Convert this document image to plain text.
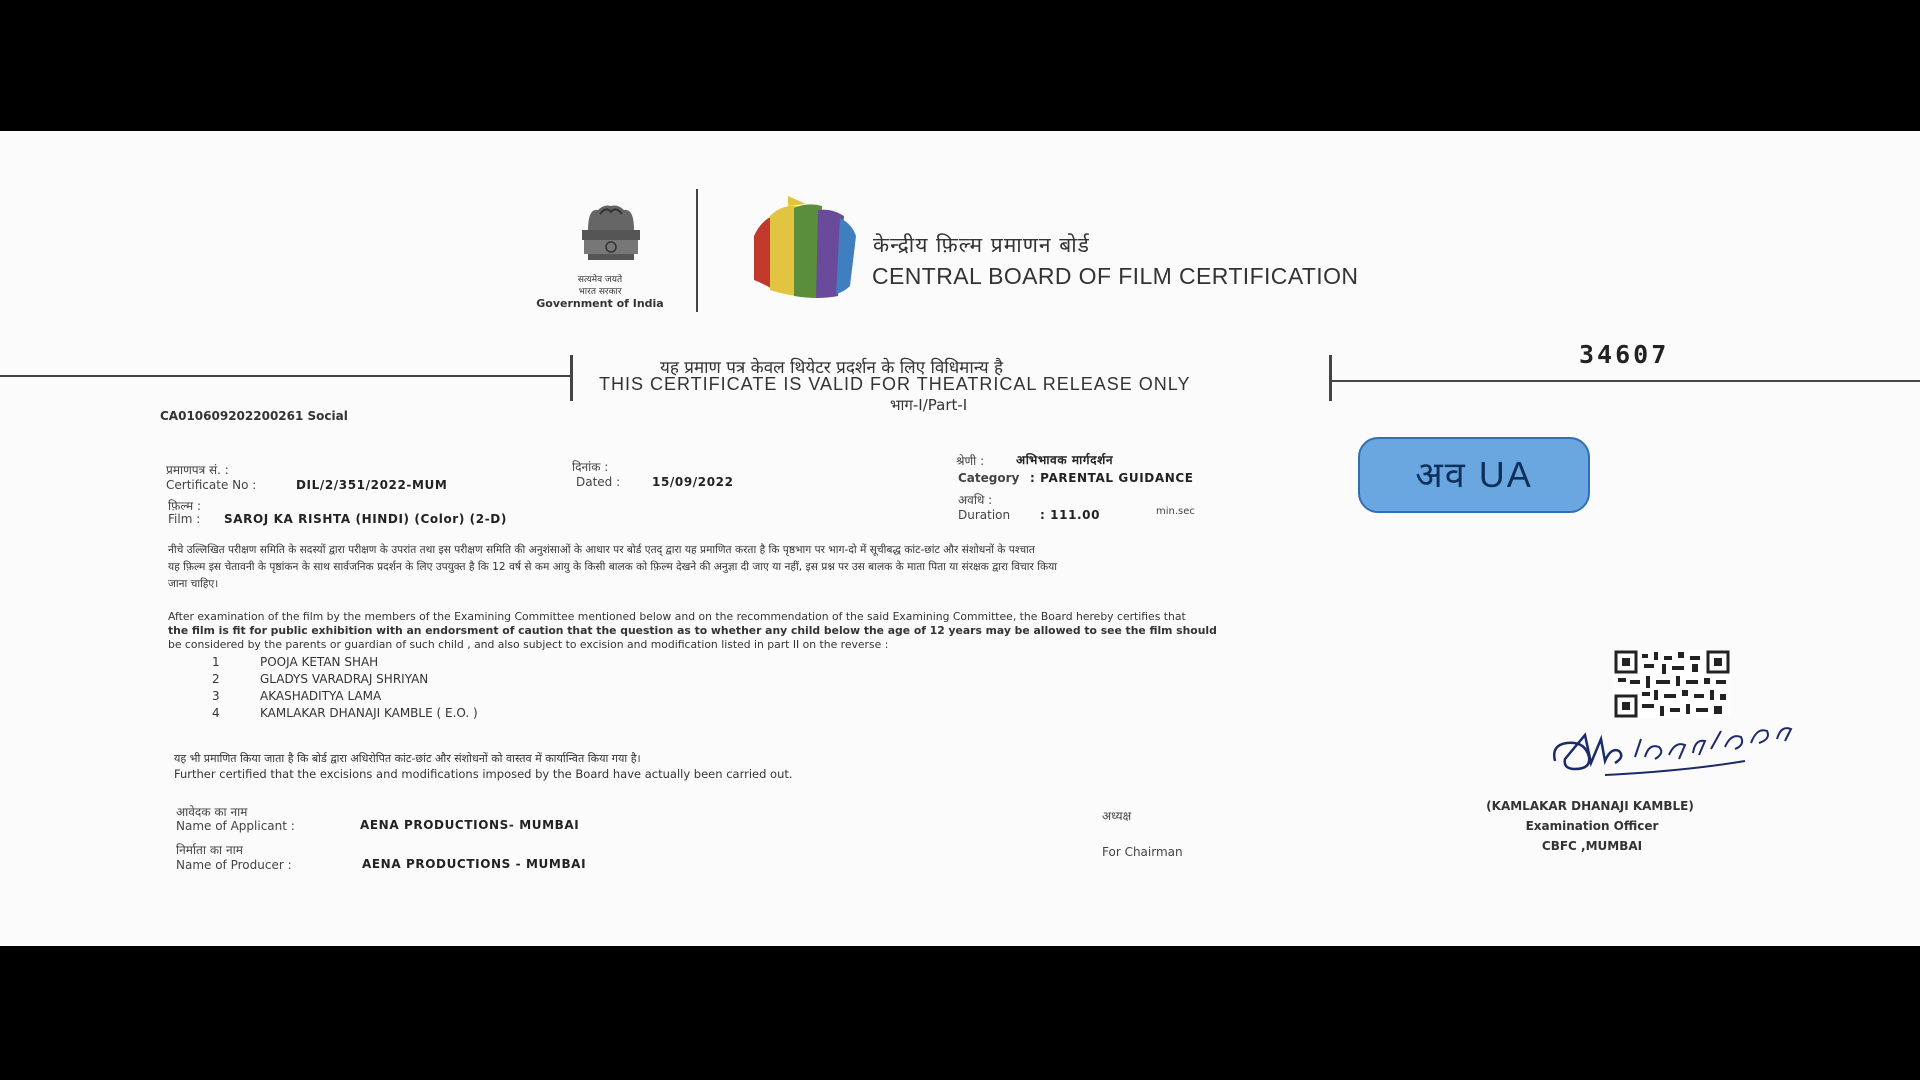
सत्यमेव जयते
भारत सरकार
Government of India
केन्द्रीय फ़िल्म प्रमाणन बोर्ड
CENTRAL BOARD OF FILM CERTIFICATION
यह प्रमाण पत्र केवल थियेटर प्रदर्शन के लिए विधिमान्य है
THIS CERTIFICATE IS VALID FOR THEATRICAL RELEASE ONLY
भाग-I/Part-I
34607
CA010609202200261 Social
प्रमाणपत्र सं. :
Certificate No :	DIL/2/351/2022-MUM
दिनांक :
Dated :	15/09/2022
फ़िल्म :
Film : SAROJ KA RISHTA (HINDI) (Color) (2-D)
श्रेणी :	अभिभावक मार्गदर्शन
Category : PARENTAL GUIDANCE
अवधि :
Duration : 111.00	min.sec
अव UA
नीचे उल्लिखित परीक्षण समिति के सदस्यों द्वारा परीक्षण के उपरांत तथा इस परीक्षण समिति की अनुशंसाओं के आधार पर बोर्ड एतद् द्वारा यह प्रमाणित करता है कि पृष्ठभाग पर भाग-दो में सूचीबद्ध कांट-छांट और संशोधनों के पश्चात
यह फ़िल्म इस चेतावनी के पृष्ठांकन के साथ सार्वजनिक प्रदर्शन के लिए उपयुक्त है कि 12 वर्ष से कम आयु के किसी बालक को फ़िल्म देखने की अनुज्ञा दी जाए या नहीं, इस प्रश्न पर उस बालक के माता पिता या संरक्षक द्वारा विचार किया
जाना चाहिए।
After examination of the film by the members of the Examining Committee mentioned below and on the recommendation of the said Examining Committee, the Board hereby certifies that
the film is fit for public exhibition with an endorsment of caution that the question as to whether any child below the age of 12 years may be allowed to see the film should
be considered by the parents or guardian of such child , and also subject to excision and modification listed in part II on the reverse :
1	POOJA KETAN SHAH
2	GLADYS VARADRAJ SHRIYAN
3	AKASHADITYA LAMA
4	KAMLAKAR DHANAJI KAMBLE ( E.O. )
यह भी प्रमाणित किया जाता है कि बोर्ड द्वारा अधिरोपित कांट-छांट और संशोधनों को वास्तव में कार्यान्वित किया गया है।
Further certified that the excisions and modifications imposed by the Board have actually been carried out.
आवेदक का नाम
Name of Applicant :	AENA PRODUCTIONS- MUMBAI
निर्माता का नाम
Name of Producer :	AENA PRODUCTIONS - MUMBAI
अध्यक्ष
For Chairman
(KAMLAKAR DHANAJI KAMBLE)
Examination Officer
CBFC ,MUMBAI
